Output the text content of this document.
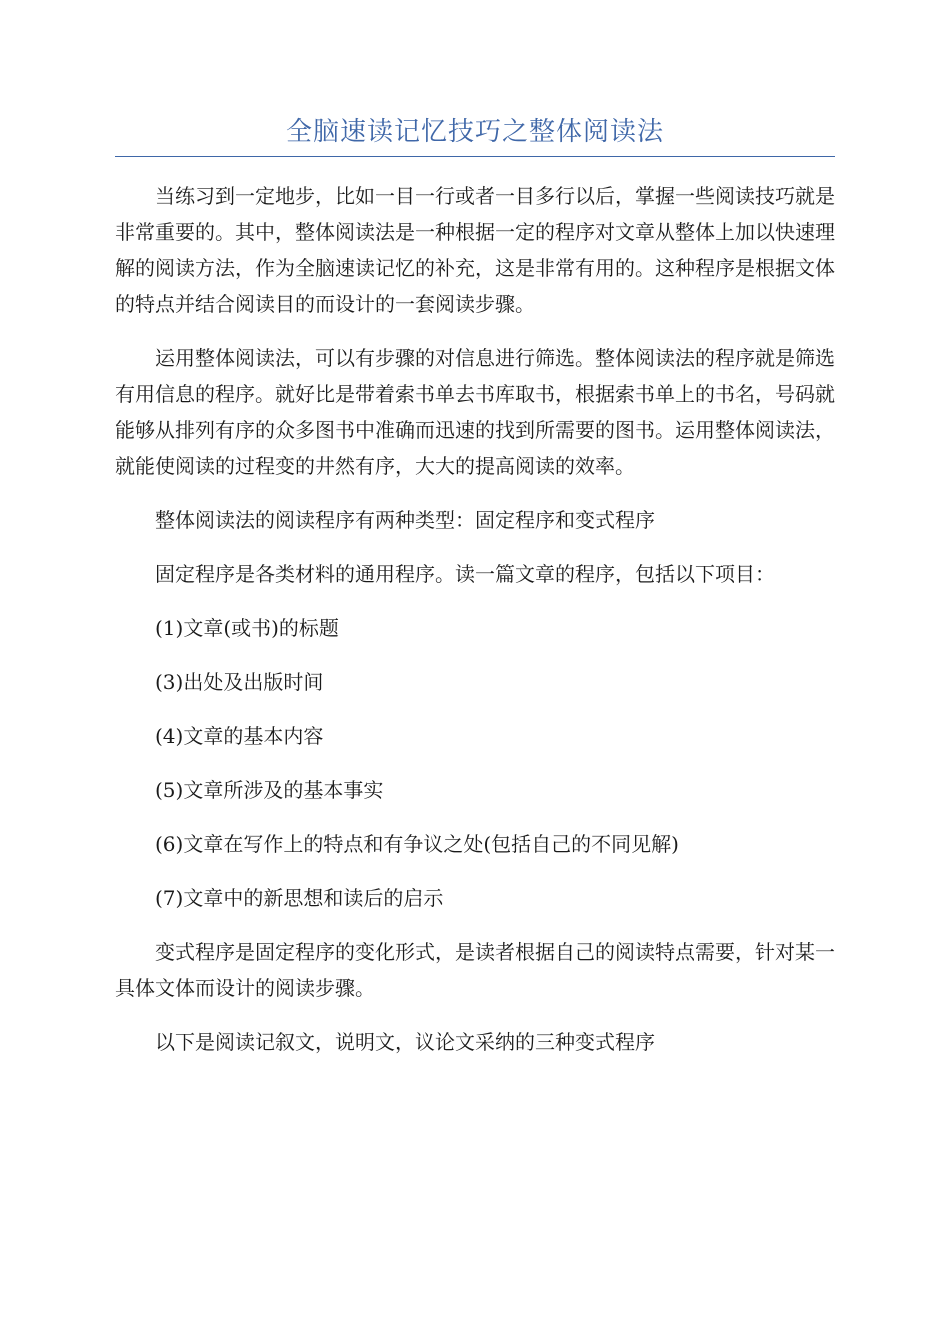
全脑速读记忆技巧之整体阅读法

当练习到一定地步，比如一目一行或者一目多行以后，掌握一些阅读技巧就是非常重要的。其中，整体阅读法是一种根据一定的程序对文章从整体上加以快速理解的阅读方法，作为全脑速读记忆的补充，这是非常有用的。这种程序是根据文体的特点并结合阅读目的而设计的一套阅读步骤。

运用整体阅读法，可以有步骤的对信息进行筛选。整体阅读法的程序就是筛选有用信息的程序。就好比是带着索书单去书库取书，根据索书单上的书名，号码就能够从排列有序的众多图书中准确而迅速的找到所需要的图书。运用整体阅读法，就能使阅读的过程变的井然有序，大大的提高阅读的效率。

整体阅读法的阅读程序有两种类型：固定程序和变式程序

固定程序是各类材料的通用程序。读一篇文章的程序，包括以下项目：

(1)文章(或书)的标题

(3)出处及出版时间

(4)文章的基本内容

(5)文章所涉及的基本事实

(6)文章在写作上的特点和有争议之处(包括自己的不同见解)

(7)文章中的新思想和读后的启示

变式程序是固定程序的变化形式，是读者根据自己的阅读特点需要，针对某一具体文体而设计的阅读步骤。

以下是阅读记叙文，说明文，议论文采纳的三种变式程序
